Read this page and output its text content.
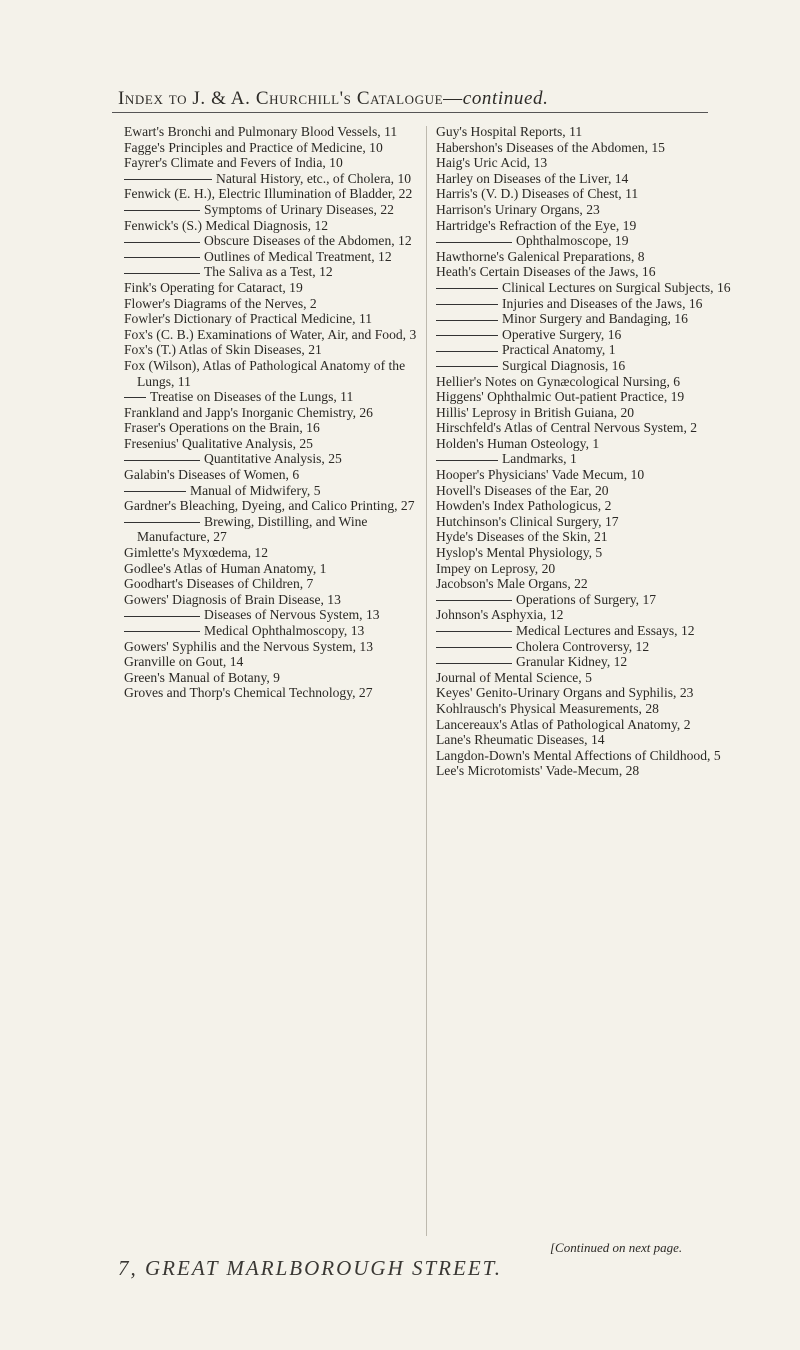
Index to J. & A. Churchill's Catalogue—continued.

Ewart's Bronchi and Pulmonary Blood Vessels, 11

Fagge's Principles and Practice of Medicine, 10

Fayrer's Climate and Fevers of India, 10

Natural History, etc., of Cholera, 10

Fenwick (E. H.), Electric Illumination of Bladder, 22

Symptoms of Urinary Diseases, 22

Fenwick's (S.) Medical Diagnosis, 12

Obscure Diseases of the Abdomen, 12

Outlines of Medical Treatment, 12

The Saliva as a Test, 12

Fink's Operating for Cataract, 19

Flower's Diagrams of the Nerves, 2

Fowler's Dictionary of Practical Medicine, 11

Fox's (C. B.) Examinations of Water, Air, and Food, 3

Fox's (T.) Atlas of Skin Diseases, 21

Fox (Wilson), Atlas of Pathological Anatomy of the Lungs, 11

Treatise on Diseases of the Lungs, 11

Frankland and Japp's Inorganic Chemistry, 26

Fraser's Operations on the Brain, 16

Fresenius' Qualitative Analysis, 25

Quantitative Analysis, 25

Galabin's Diseases of Women, 6

Manual of Midwifery, 5

Gardner's Bleaching, Dyeing, and Calico Printing, 27

Brewing, Distilling, and Wine Manufacture, 27

Gimlette's Myxœdema, 12

Godlee's Atlas of Human Anatomy, 1

Goodhart's Diseases of Children, 7

Gowers' Diagnosis of Brain Disease, 13

Diseases of Nervous System, 13

Medical Ophthalmoscopy, 13

Gowers' Syphilis and the Nervous System, 13

Granville on Gout, 14

Green's Manual of Botany, 9

Groves and Thorp's Chemical Technology, 27

Guy's Hospital Reports, 11

Habershon's Diseases of the Abdomen, 15

Haig's Uric Acid, 13

Harley on Diseases of the Liver, 14

Harris's (V. D.) Diseases of Chest, 11

Harrison's Urinary Organs, 23

Hartridge's Refraction of the Eye, 19

Ophthalmoscope, 19

Hawthorne's Galenical Preparations, 8

Heath's Certain Diseases of the Jaws, 16

Clinical Lectures on Surgical Subjects, 16

Injuries and Diseases of the Jaws, 16

Minor Surgery and Bandaging, 16

Operative Surgery, 16

Practical Anatomy, 1

Surgical Diagnosis, 16

Hellier's Notes on Gynæcological Nursing, 6

Higgens' Ophthalmic Out-patient Practice, 19

Hillis' Leprosy in British Guiana, 20

Hirschfeld's Atlas of Central Nervous System, 2

Holden's Human Osteology, 1

Landmarks, 1

Hooper's Physicians' Vade Mecum, 10

Hovell's Diseases of the Ear, 20

Howden's Index Pathologicus, 2

Hutchinson's Clinical Surgery, 17

Hyde's Diseases of the Skin, 21

Hyslop's Mental Physiology, 5

Impey on Leprosy, 20

Jacobson's Male Organs, 22

Operations of Surgery, 17

Johnson's Asphyxia, 12

Medical Lectures and Essays, 12

Cholera Controversy, 12

Granular Kidney, 12

Journal of Mental Science, 5

Keyes' Genito-Urinary Organs and Syphilis, 23

Kohlrausch's Physical Measurements, 28

Lancereaux's Atlas of Pathological Anatomy, 2

Lane's Rheumatic Diseases, 14

Langdon-Down's Mental Affections of Childhood, 5

Lee's Microtomists' Vade-Mecum, 28

[Continued on next page.
7, GREAT MARLBOROUGH STREET.
